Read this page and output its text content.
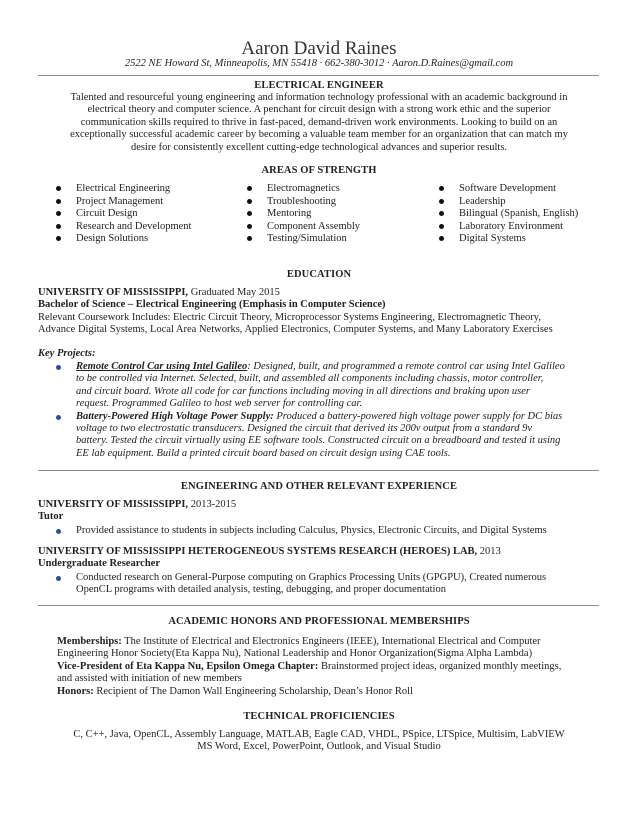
Aaron David Raines
2522 NE Howard St, Minneapolis, MN 55418 · 662-380-3012 · Aaron.D.Raines@gmail.com
ELECTRICAL ENGINEER
Talented and resourceful young engineering and information technology professional with an academic background in
electrical theory and computer science. A penchant for circuit design with a strong work ethic and the superior
communication skills required to thrive in fast-paced, demand-driven work environments. Looking to build on an
exceptionally successful academic career by becoming a valuable team member for an organization that can match my
desire for consistently excellent cutting-edge technological advances and superior results.
AREAS OF STRENGTH
Electrical Engineering
Project Management
Circuit Design
Research and Development
Design Solutions
Electromagnetics
Troubleshooting
Mentoring
Component Assembly
Testing/Simulation
Software Development
Leadership
Bilingual (Spanish, English)
Laboratory Environment
Digital Systems
EDUCATION
UNIVERSITY OF MISSISSIPPI, Graduated May 2015
Bachelor of Science – Electrical Engineering (Emphasis in Computer Science)
Relevant Coursework Includes: Electric Circuit Theory, Microprocessor Systems Engineering, Electromagnetic Theory,
Advance Digital Systems, Local Area Networks, Applied Electronics, Computer Systems, and Many Laboratory Exercises
Key Projects:
Remote Control Car using Intel Galileo: Designed, built, and programmed a remote control car using Intel Galileo
to be controlled via Internet. Selected, built, and assembled all components including chassis, motor controller,
and circuit board. Wrote all code for car functions including moving in all directions and braking upon user
request. Programmed Galileo to host web server for controlling car.
Battery-Powered High Voltage Power Supply: Produced a battery-powered high voltage power supply for DC bias
voltage to two electrostatic transducers. Designed the circuit that derived its 200v output from a standard 9v
battery. Tested the circuit virtually using EE software tools. Constructed circuit on a breadboard and tested it using
EE lab equipment. Build a printed circuit board based on circuit design using CAE tools.
ENGINEERING AND OTHER RELEVANT EXPERIENCE
UNIVERSITY OF MISSISSIPPI, 2013-2015
Tutor
Provided assistance to students in subjects including Calculus, Physics, Electronic Circuits, and Digital Systems
UNIVERSITY OF MISSISSIPPI HETEROGENEOUS SYSTEMS RESEARCH (HEROES) LAB, 2013
Undergraduate Researcher
Conducted research on General-Purpose computing on Graphics Processing Units (GPGPU), Created numerous
OpenCL programs with detailed analysis, testing, debugging, and proper documentation
ACADEMIC HONORS AND PROFESSIONAL MEMBERSHIPS
Memberships: The Institute of Electrical and Electronics Engineers (IEEE), International Electrical and Computer
Engineering Honor Society(Eta Kappa Nu), National Leadership and Honor Organization(Sigma Alpha Lambda)
Vice-President of Eta Kappa Nu, Epsilon Omega Chapter: Brainstormed project ideas, organized monthly meetings,
and assisted with initiation of new members
Honors: Recipient of The Damon Wall Engineering Scholarship, Dean’s Honor Roll
TECHNICAL PROFICIENCIES
C, C++, Java, OpenCL, Assembly Language, MATLAB, Eagle CAD, VHDL, PSpice, LTSpice, Multisim, LabVIEW
MS Word, Excel, PowerPoint, Outlook, and Visual Studio
